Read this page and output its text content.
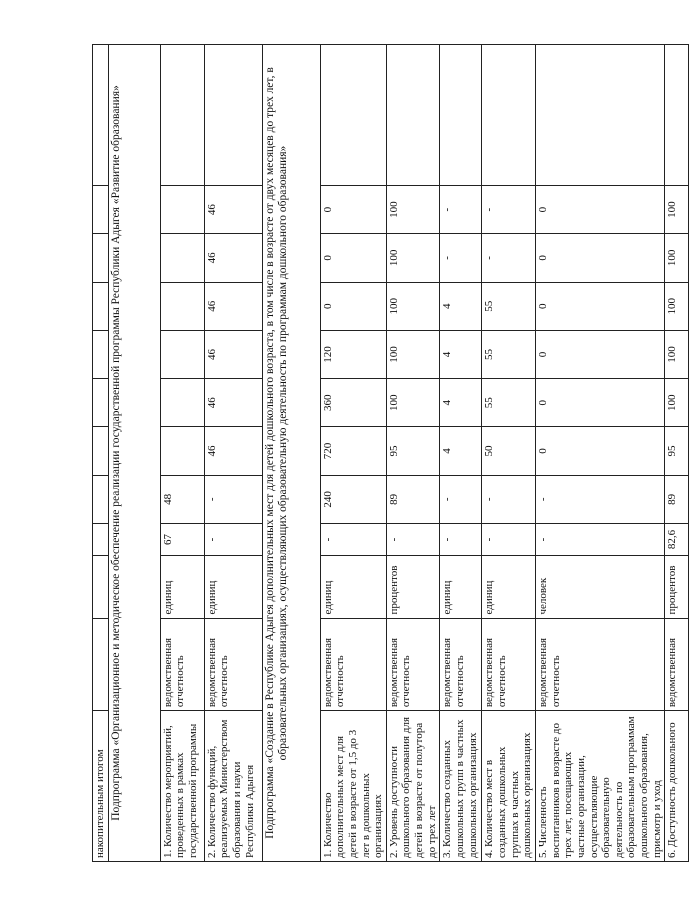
накопительным итогом											
Подпрограмма «Организационное и методическое обеспечение реализации государственной программы Республики Адыгея «Развитие образования»											
1. Количество мероприятий, проведенных в рамках государственной программы	ведомственная отчетность	единиц	67	48							
2. Количество функций, реализуемых Министерством образования и науки Республики Адыгея	ведомственная отчетность	единиц	-	-	46	46	46	46	46	46	
Подпрограмма «Создание в Республике Адыгея дополнительных мест для детей дошкольного возраста, в том числе в возрасте от двух месяцев до трех лет, в образовательных организациях, осуществляющих образовательную деятельность по программам дошкольного образования»											
1. Количество дополнительных мест для детей в возрасте от 1,5 до 3 лет в дошкольных организациях	ведомственная отчетность	единиц	-	240	720	360	120	0	0	0	
2. Уровень доступности дошкольного образования для детей в возрасте от полутора до трех лет	ведомственная отчетность	процентов	-	89	95	100	100	100	100	100	
3. Количество созданных дошкольных групп в частных дошкольных организациях	ведомственная отчетность	единиц	-	-	4	4	4	4	-	-	
4. Количество мест в созданных дошкольных группах в частных дошкольных организациях	ведомственная отчетность	единиц	-	-	50	55	55	55	-	-	
5. Численность воспитанников в возрасте до трех лет, посещающих частные организации, осуществляющие образовательную деятельность по образовательным программам дошкольного образования, присмотр и уход	ведомственная отчетность	человек	-	-	0	0	0	0	0	0	
6. Доступность дошкольного	ведомственная	процентов	82,6	89	95	100	100	100	100	100	
